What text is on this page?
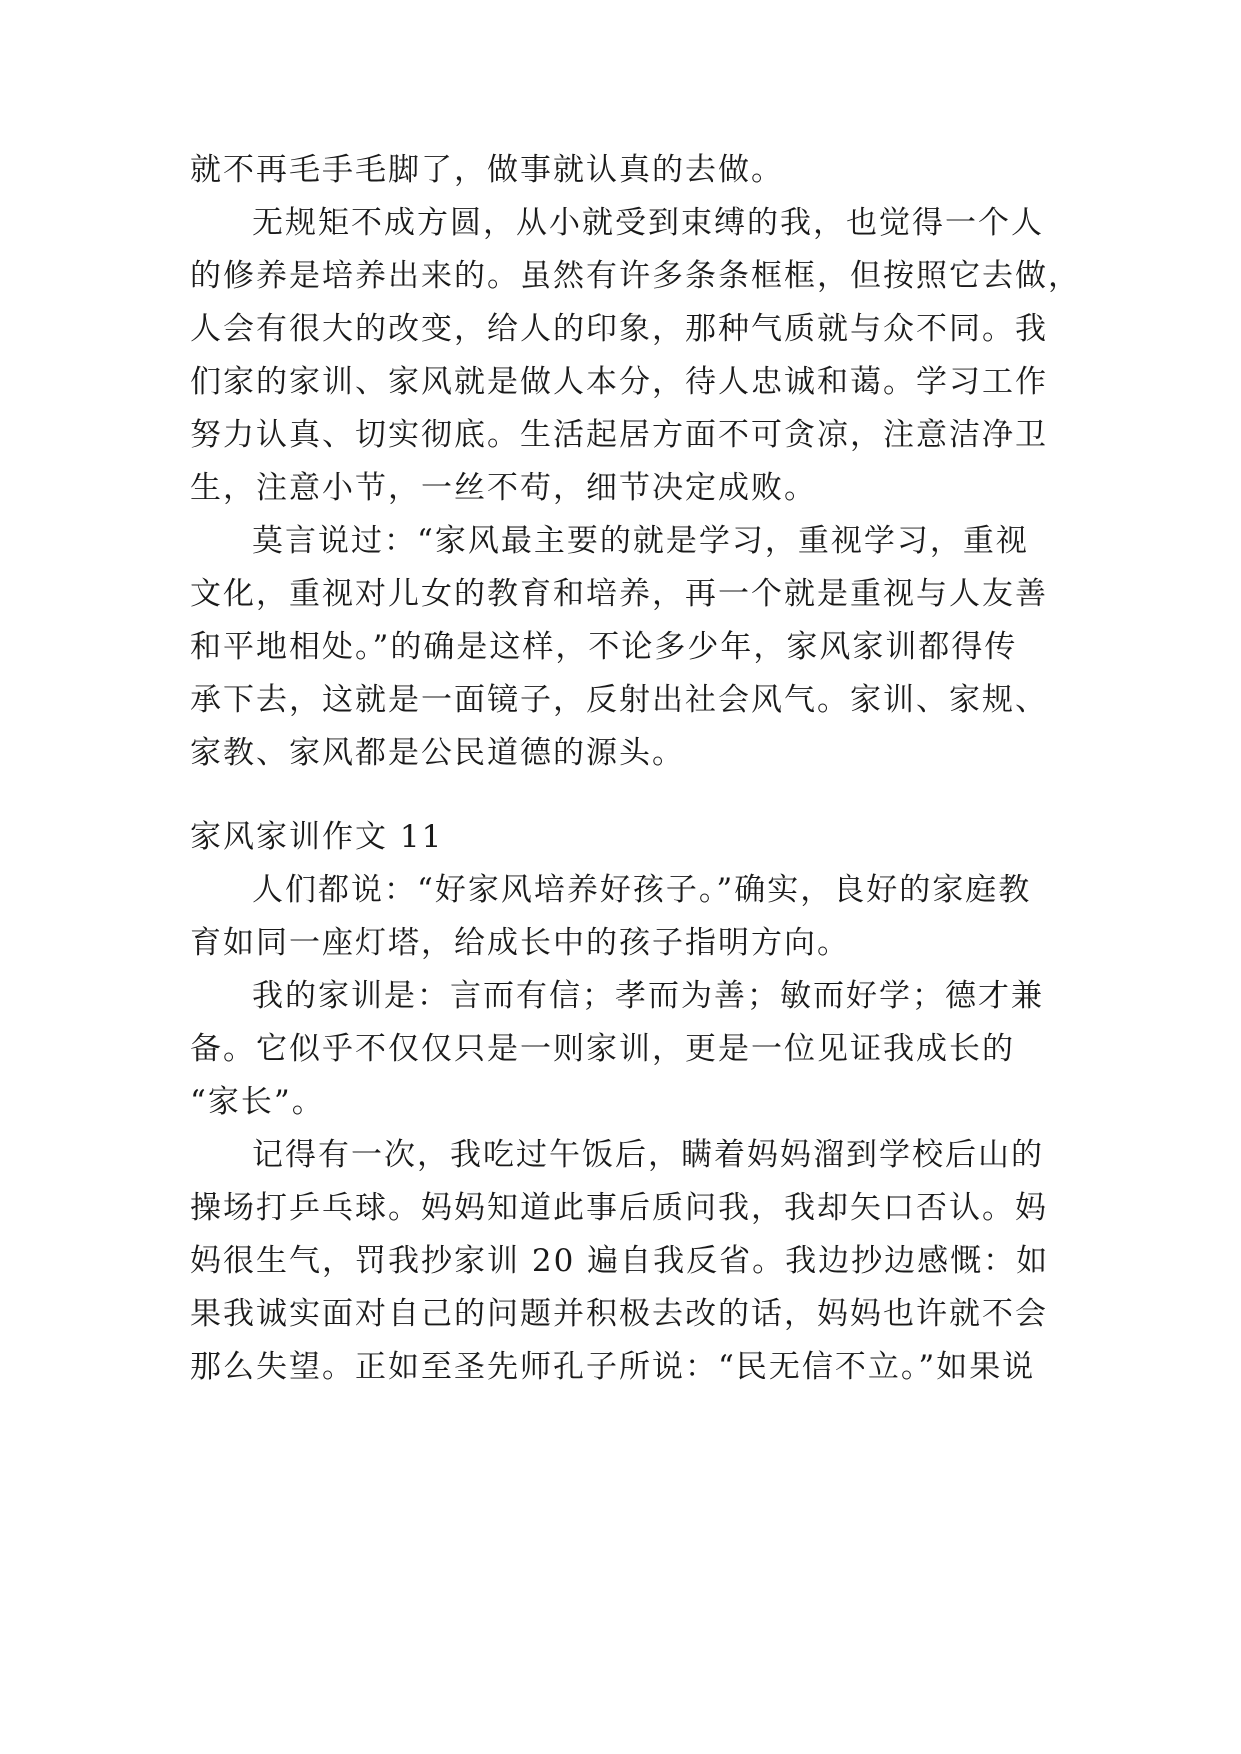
就不再毛手毛脚了，做事就认真的去做。
无规矩不成方圆，从小就受到束缚的我，也觉得一个人
的修养是培养出来的。虽然有许多条条框框，但按照它去做，
人会有很大的改变，给人的印象，那种气质就与众不同。我
们家的家训、家风就是做人本分，待人忠诚和蔼。学习工作
努力认真、切实彻底。生活起居方面不可贪凉，注意洁净卫
生，注意小节，一丝不苟，细节决定成败。
莫言说过：“家风最主要的就是学习，重视学习，重视
文化，重视对儿女的教育和培养，再一个就是重视与人友善
和平地相处。”的确是这样，不论多少年，家风家训都得传
承下去，这就是一面镜子，反射出社会风气。家训、家规、
家教、家风都是公民道德的源头。
家风家训作文 11
人们都说：“好家风培养好孩子。”确实，良好的家庭教
育如同一座灯塔，给成长中的孩子指明方向。
我的家训是：言而有信；孝而为善；敏而好学；德才兼
备。它似乎不仅仅只是一则家训，更是一位见证我成长的
“家长”。
记得有一次，我吃过午饭后，瞒着妈妈溜到学校后山的
操场打乒乓球。妈妈知道此事后质问我，我却矢口否认。妈
妈很生气，罚我抄家训 20 遍自我反省。我边抄边感慨：如
果我诚实面对自己的问题并积极去改的话，妈妈也许就不会
那么失望。正如至圣先师孔子所说：“民无信不立。”如果说
